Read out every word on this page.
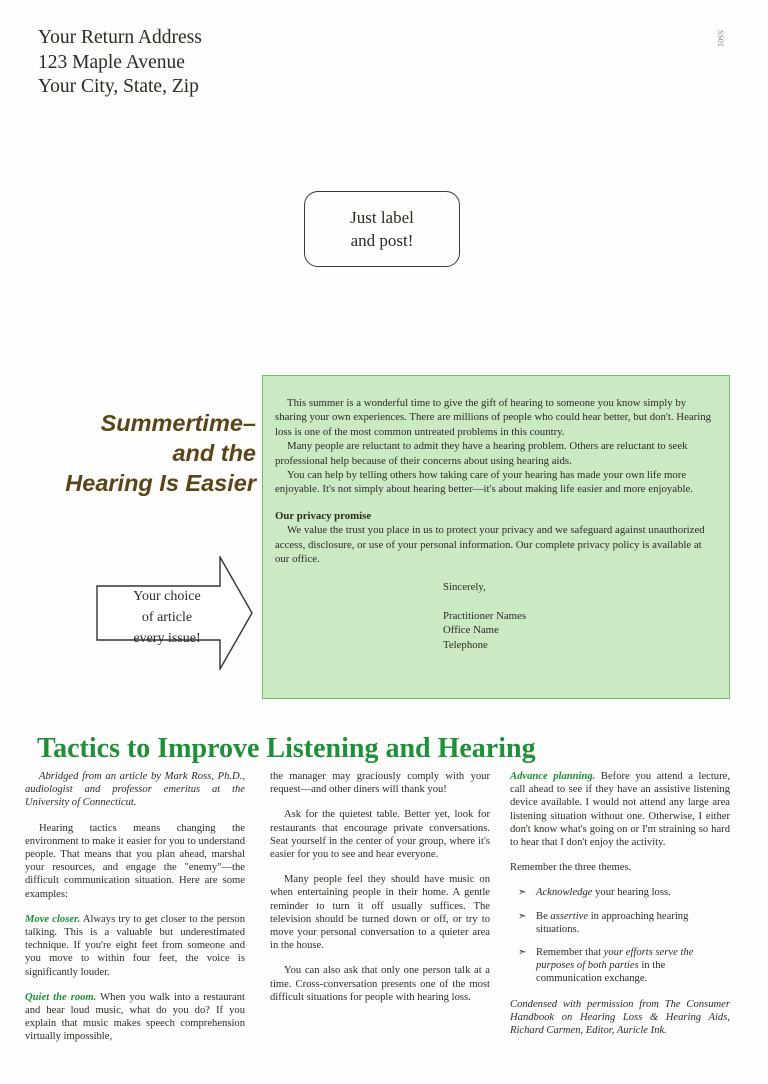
Your Return Address
123 Maple Avenue
Your City, State, Zip
SS01
Just label
and post!
Summertime–
and the
Hearing Is Easier
Your choice
of article
every issue!

This summer is a wonderful time to give the gift of hearing to someone you know simply by sharing your own experiences. There are millions of people who could hear better, but don't. Hearing loss is one of the most common untreated problems in this country.

Many people are reluctant to admit they have a hearing problem. Others are reluctant to seek professional help because of their concerns about using hearing aids.

You can help by telling others how taking care of your hearing has made your own life more enjoyable. It's not simply about hearing better—it's about making life easier and more enjoyable.

Our privacy promise

We value the trust you place in us to protect your privacy and we safeguard against unauthorized access, disclosure, or use of your personal information. Our complete privacy policy is available at our office.

Sincerely,
Practitioner Names
Office Name
Telephone
Tactics to Improve Listening and Hearing

Abridged from an article by Mark Ross, Ph.D., audiologist and professor emeritus at the University of Connecticut.

Hearing tactics means changing the environment to make it easier for you to understand people. That means that you plan ahead, marshal your resources, and engage the "enemy"—the difficult communication situation. Here are some examples:

Move closer. Always try to get closer to the person talking. This is a valuable but underestimated technique. If you're eight feet from someone and you move to within four feet, the voice is significantly louder.

Quiet the room. When you walk into a restaurant and hear loud music, what do you do? If you explain that music makes speech comprehension virtually impossible,

the manager may graciously comply with your request—and other diners will thank you!

Ask for the quietest table. Better yet, look for restaurants that encourage private conversations. Seat yourself in the center of your group, where it's easier for you to see and hear everyone.

Many people feel they should have music on when entertaining people in their home. A gentle reminder to turn it off usually suffices. The television should be turned down or off, or try to move your personal conversation to a quieter area in the house.

You can also ask that only one person talk at a time. Cross-conversation presents one of the most difficult situations for people with hearing loss.

Advance planning. Before you attend a lecture, call ahead to see if they have an assistive listening device available. I would not attend any large area listening situation without one. Otherwise, I either don't know what's going on or I'm straining so hard to hear that I don't enjoy the activity.

Remember the three themes.

➣ Acknowledge your hearing loss.
➣ Be assertive in approaching hearing situations.
➣ Remember that your efforts serve the purposes of both parties in the communication exchange.

Condensed with permission from The Consumer Handbook on Hearing Loss & Hearing Aids, Richard Carmen, Editor, Auricle Ink.
